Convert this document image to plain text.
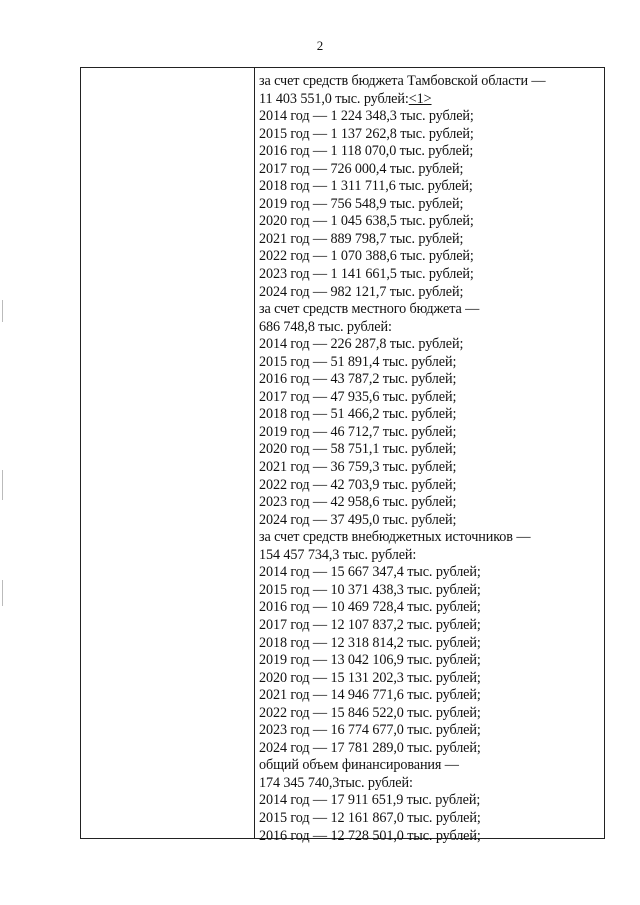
2
за счет средств бюджета Тамбовской области —
11 403 551,0 тыс. рублей:<1>
2014 год — 1 224 348,3 тыс. рублей;
2015 год — 1 137 262,8 тыс. рублей;
2016 год — 1 118 070,0 тыс. рублей;
2017 год — 726 000,4 тыс. рублей;
2018 год — 1 311 711,6 тыс. рублей;
2019 год — 756 548,9 тыс. рублей;
2020 год — 1 045 638,5 тыс. рублей;
2021 год — 889 798,7 тыс. рублей;
2022 год — 1 070 388,6 тыс. рублей;
2023 год — 1 141 661,5 тыс. рублей;
2024 год — 982 121,7 тыс. рублей;
за счет средств местного бюджета —
686 748,8 тыс. рублей:
2014 год — 226 287,8 тыс. рублей;
2015 год — 51 891,4 тыс. рублей;
2016 год — 43 787,2 тыс. рублей;
2017 год — 47 935,6 тыс. рублей;
2018 год — 51 466,2 тыс. рублей;
2019 год — 46 712,7 тыс. рублей;
2020 год — 58 751,1 тыс. рублей;
2021 год — 36 759,3 тыс. рублей;
2022 год — 42 703,9 тыс. рублей;
2023 год — 42 958,6 тыс. рублей;
2024 год — 37 495,0 тыс. рублей;
за счет средств внебюджетных источников —
154 457 734,3 тыс. рублей:
2014 год — 15 667 347,4 тыс. рублей;
2015 год — 10 371 438,3 тыс. рублей;
2016 год — 10 469 728,4 тыс. рублей;
2017 год — 12 107 837,2 тыс. рублей;
2018 год — 12 318 814,2 тыс. рублей;
2019 год — 13 042 106,9 тыс. рублей;
2020 год — 15 131 202,3 тыс. рублей;
2021 год — 14 946 771,6 тыс. рублей;
2022 год — 15 846 522,0 тыс. рублей;
2023 год — 16 774 677,0 тыс. рублей;
2024 год — 17 781 289,0 тыс. рублей;
общий объем финансирования —
174 345 740,3тыс. рублей:
2014 год — 17 911 651,9 тыс. рублей;
2015 год — 12 161 867,0 тыс. рублей;
2016 год — 12 728 501,0 тыс. рублей;
